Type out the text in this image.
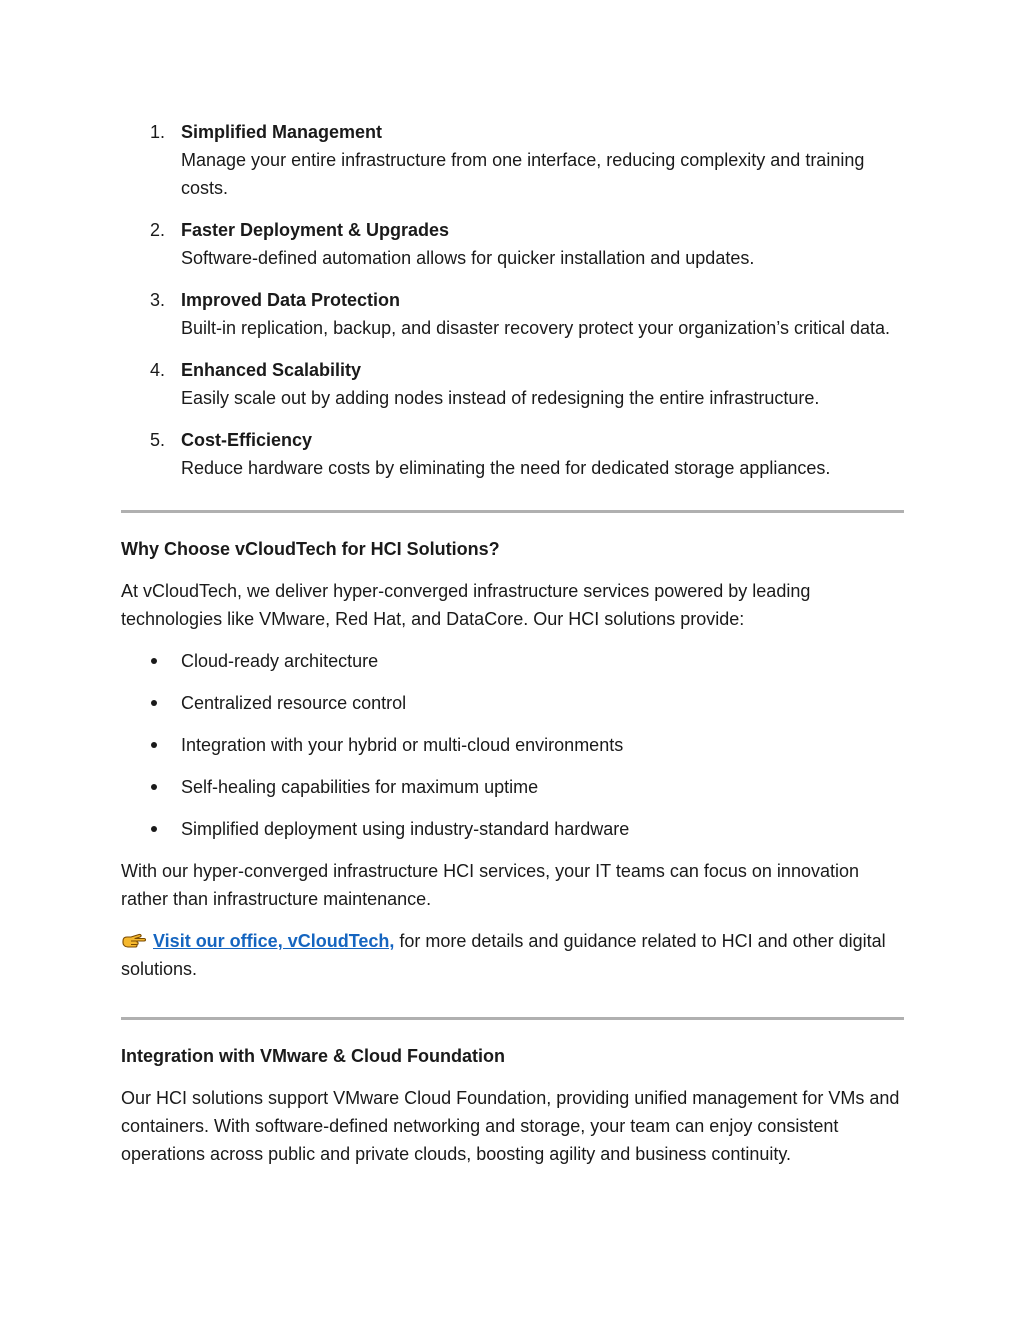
1. Simplified Management
Manage your entire infrastructure from one interface, reducing complexity and training costs.
2. Faster Deployment & Upgrades
Software-defined automation allows for quicker installation and updates.
3. Improved Data Protection
Built-in replication, backup, and disaster recovery protect your organization’s critical data.
4. Enhanced Scalability
Easily scale out by adding nodes instead of redesigning the entire infrastructure.
5. Cost-Efficiency
Reduce hardware costs by eliminating the need for dedicated storage appliances.

Why Choose vCloudTech for HCI Solutions?

At vCloudTech, we deliver hyper-converged infrastructure services powered by leading technologies like VMware, Red Hat, and DataCore. Our HCI solutions provide:

Cloud-ready architecture
Centralized resource control
Integration with your hybrid or multi-cloud environments
Self-healing capabilities for maximum uptime
Simplified deployment using industry-standard hardware

With our hyper-converged infrastructure HCI services, your IT teams can focus on innovation rather than infrastructure maintenance.

Visit our office, vCloudTech, for more details and guidance related to HCI and other digital solutions.

Integration with VMware & Cloud Foundation

Our HCI solutions support VMware Cloud Foundation, providing unified management for VMs and containers. With software-defined networking and storage, your team can enjoy consistent operations across public and private clouds, boosting agility and business continuity.
